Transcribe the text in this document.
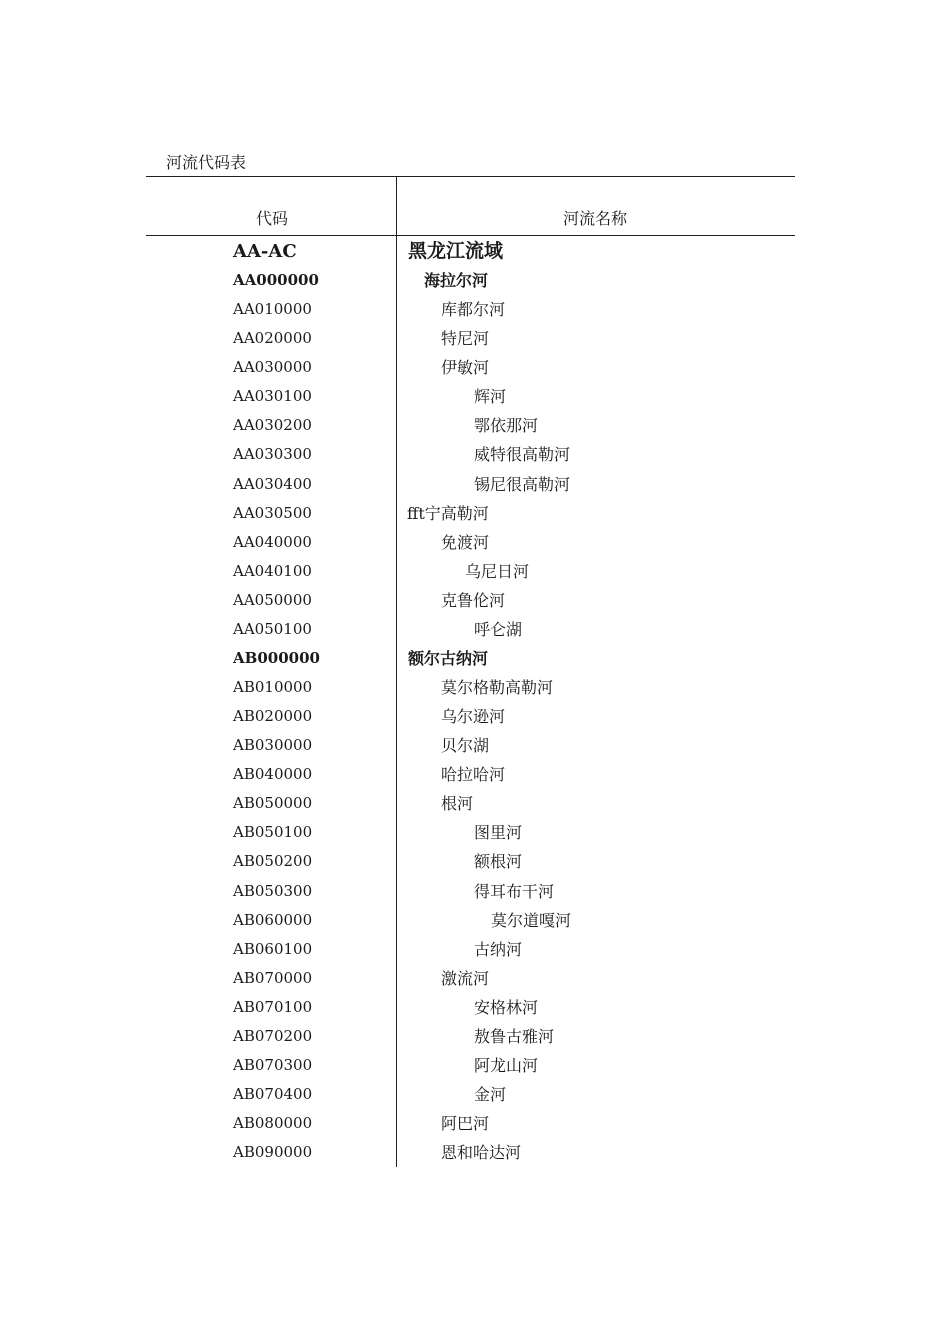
河流代码表
代码	河流名称
AA-AC	黑龙江流域
AA000000	海拉尔河
AA010000	库都尔河
AA020000	特尼河
AA030000	伊敏河
AA030100	辉河
AA030200	鄂依那河
AA030300	威特很高勒河
AA030400	锡尼很高勒河
AA030500	fft宁高勒河
AA040000	免渡河
AA040100	乌尼日河
AA050000	克鲁伦河
AA050100	呼仑湖
AB000000	额尔古纳河
AB010000	莫尔格勒高勒河
AB020000	乌尔逊河
AB030000	贝尔湖
AB040000	哈拉哈河
AB050000	根河
AB050100	图里河
AB050200	额根河
AB050300	得耳布干河
AB060000	莫尔道嘎河
AB060100	古纳河
AB070000	激流河
AB070100	安格林河
AB070200	敖鲁古雅河
AB070300	阿龙山河
AB070400	金河
AB080000	阿巴河
AB090000	恩和哈达河
